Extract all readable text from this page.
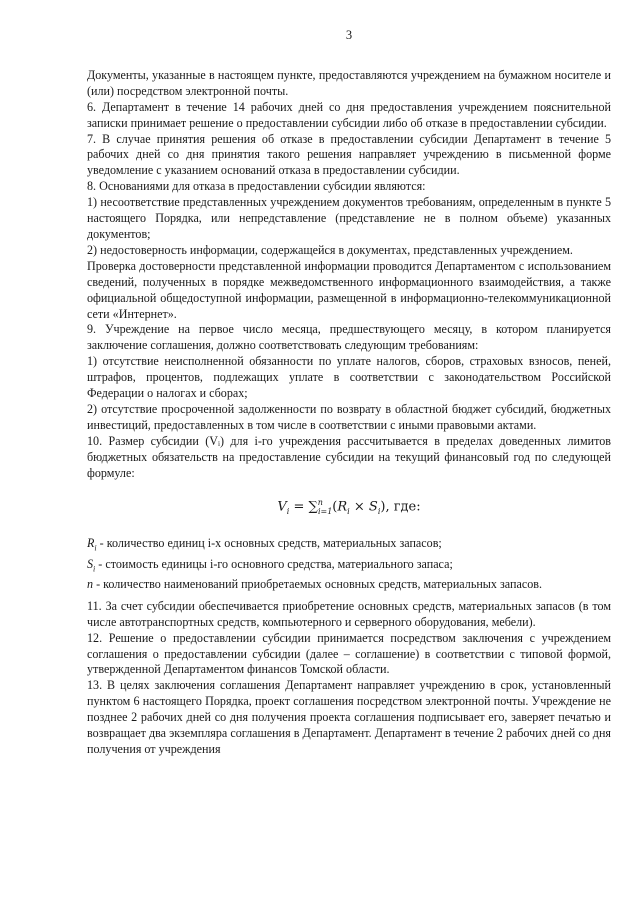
3

Документы, указанные в настоящем пункте, предоставляются учреждением на бумажном носителе и (или) посредством электронной почты.

6. Департамент в течение 14 рабочих дней со дня предоставления учреждением пояснительной записки принимает решение о предоставлении субсидии либо об отказе в предоставлении субсидии.

7. В случае принятия решения об отказе в предоставлении субсидии Департамент в течение 5 рабочих дней со дня принятия такого решения направляет учреждению в письменной форме уведомление с указанием оснований отказа в предоставлении субсидии.

8. Основаниями для отказа в предоставлении субсидии являются:

1) несоответствие представленных учреждением документов требованиям, определенным в пункте 5 настоящего Порядка, или непредставление (представление не в полном объеме) указанных документов;

2) недостоверность информации, содержащейся в документах, представленных учреждением.

Проверка достоверности представленной информации проводится Департаментом с использованием сведений, полученных в порядке межведомственного информационного взаимодействия, а также официальной общедоступной информации, размещенной в информационно-телекоммуникационной сети «Интернет».

9. Учреждение на первое число месяца, предшествующего месяцу, в котором планируется заключение соглашения, должно соответствовать следующим требованиям:

1) отсутствие неисполненной обязанности по уплате налогов, сборов, страховых взносов, пеней, штрафов, процентов, подлежащих уплате в соответствии с законодательством Российской Федерации о налогах и сборах;

2) отсутствие просроченной задолженности по возврату в областной бюджет субсидий, бюджетных инвестиций, предоставленных в том числе в соответствии с иными правовыми актами.

10. Размер субсидии (Vᵢ) для i-го учреждения рассчитывается в пределах доведенных лимитов бюджетных обязательств на предоставление субсидии на текущий финансовый год по следующей формуле:

$V_i = \sum^n_{i=1}(R_i \times S_i)$, где:

$R_i$ - количество единиц i-х основных средств, материальных запасов;

$S_i$ - стоимость единицы i-го основного средства, материального запаса;

n - количество наименований приобретаемых основных средств, материальных запасов.

11. За счет субсидии обеспечивается приобретение основных средств, материальных запасов (в том числе автотранспортных средств, компьютерного и серверного оборудования, мебели).

12. Решение о предоставлении субсидии принимается посредством заключения с учреждением соглашения о предоставлении субсидии (далее – соглашение) в соответствии с типовой формой, утвержденной Департаментом финансов Томской области.

13. В целях заключения соглашения Департамент направляет учреждению в срок, установленный пунктом 6 настоящего Порядка, проект соглашения посредством электронной почты. Учреждение не позднее 2 рабочих дней со дня получения проекта соглашения подписывает его, заверяет печатью и возвращает два экземпляра соглашения в Департамент. Департамент в течение 2 рабочих дней со дня получения от учреждения
